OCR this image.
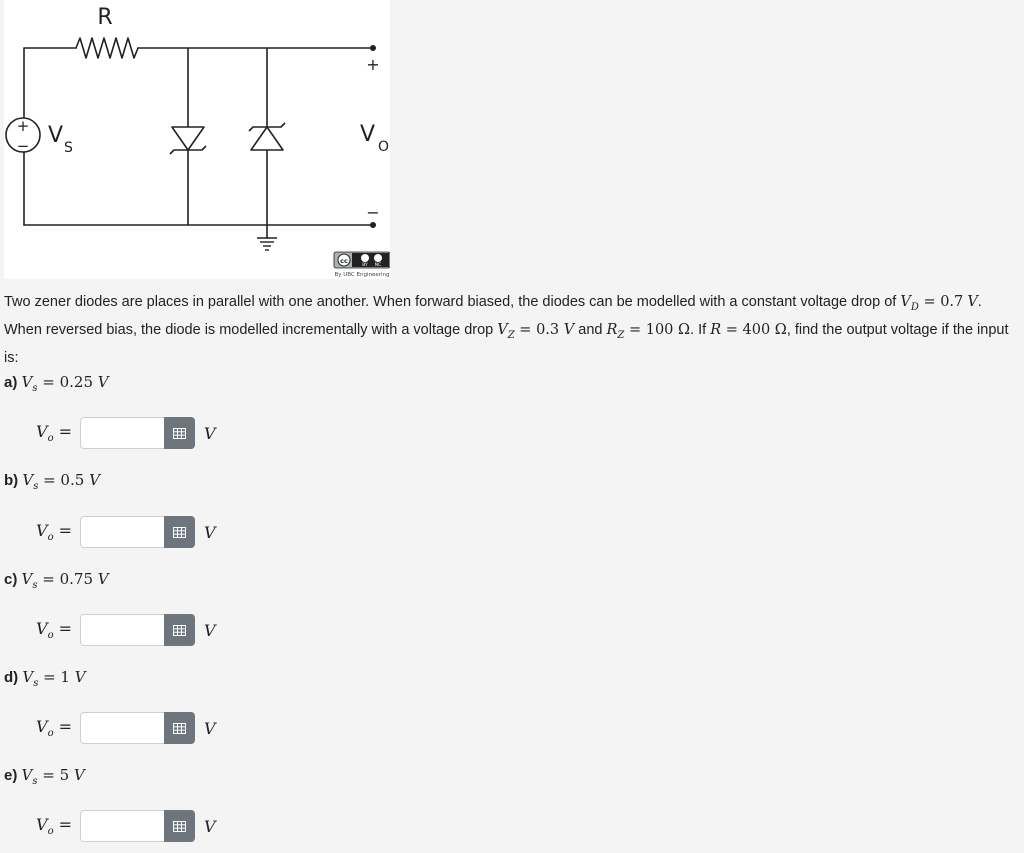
+
−
R
V S
V O
+
−
cc
BY NC
By UBC Engineering
Two zener diodes are places in parallel with one another. When forward biased, the diodes can be modelled with a constant voltage drop of $V_D = 0.7$ V. When reversed bias, the diode is modelled incrementally with a voltage drop $V_Z = 0.3$ V and $R_Z = 100$ Ω. If R = 400 Ω, find the output voltage if the input is:
a) $V_s = 0.25$ V
$V_o$ =	V
b) $V_s = 0.5$ V
$V_o$ =	V
c) $V_s = 0.75$ V
$V_o$ =	V
d) $V_s = 1$ V
$V_o$ =	V
e) $V_s = 5$ V
$V_o$ =	V
